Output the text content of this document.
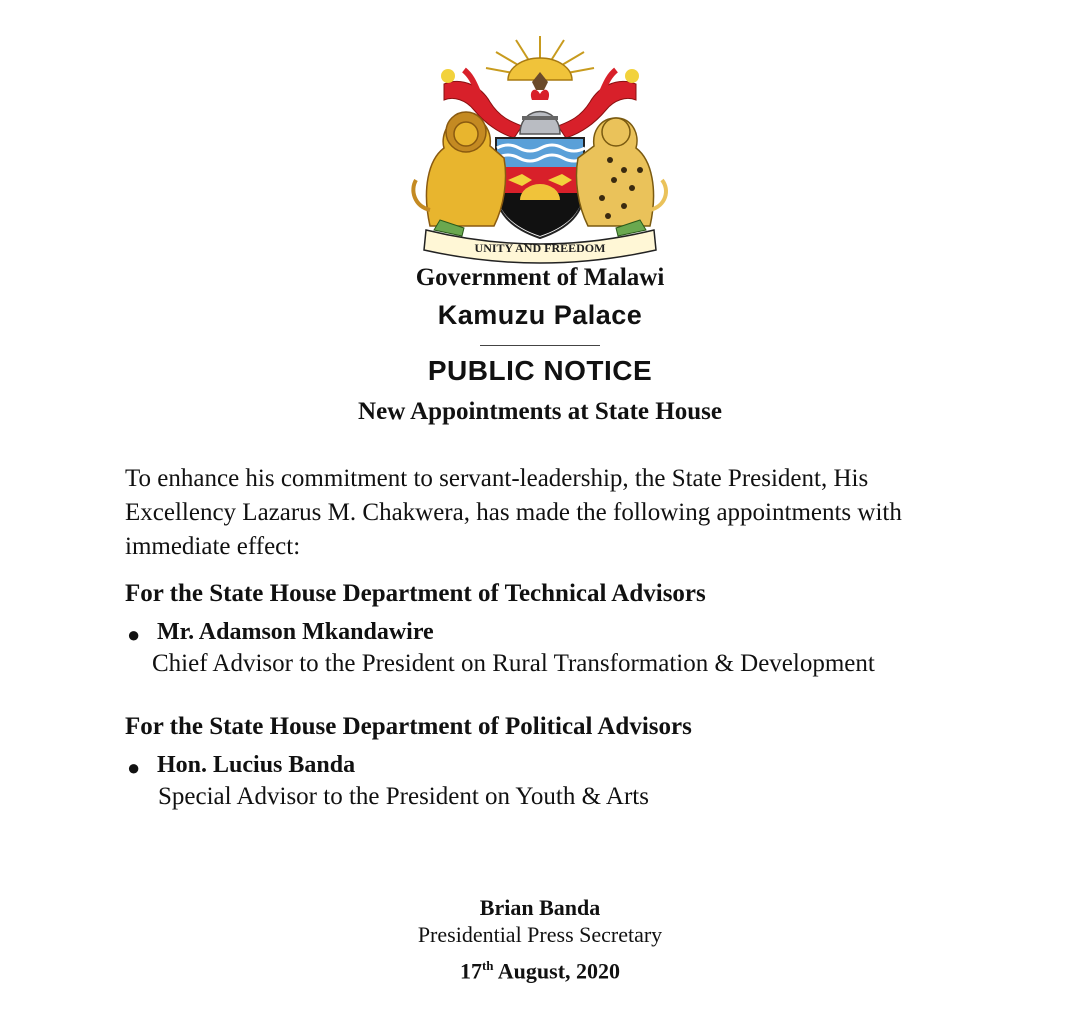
UNITY AND FREEDOM
Government of Malawi
Kamuzu Palace
PUBLIC NOTICE
New Appointments at State House
To enhance his commitment to servant-leadership, the State President, His Excellency Lazarus M. Chakwera, has made the following appointments with immediate effect:
For the State House Department of Technical Advisors
● Mr. Adamson Mkandawire
Chief Advisor to the President on Rural Transformation & Development
For the State House Department of Political Advisors
● Hon. Lucius Banda
Special Advisor to the President on Youth & Arts
Brian Banda
Presidential Press Secretary
17th August, 2020
